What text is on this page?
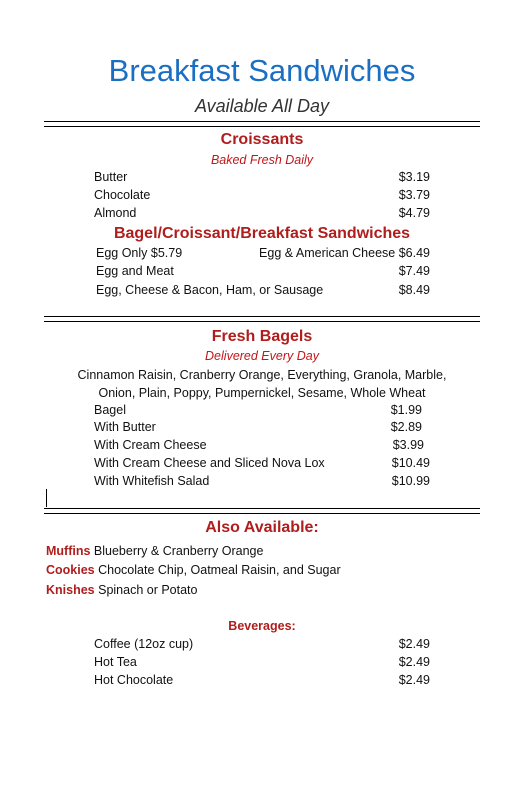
Breakfast Sandwiches
Available All Day
Croissants
Baked Fresh Daily
Butter	$3.19
Chocolate	$3.79
Almond	$4.79
Bagel/Croissant/Breakfast Sandwiches
Egg Only $5.79	Egg & American Cheese $6.49
Egg and Meat	$7.49
Egg, Cheese & Bacon, Ham, or Sausage	$8.49
Fresh Bagels
Delivered Every Day
Cinnamon Raisin, Cranberry Orange, Everything, Granola, Marble,
Onion, Plain, Poppy, Pumpernickel, Sesame, Whole Wheat
Bagel	$1.99
With Butter	$2.89
With Cream Cheese	$3.99
With Cream Cheese and Sliced Nova Lox	$10.49
With Whitefish Salad	$10.99
Also Available:
Muffins Blueberry & Cranberry Orange
Cookies Chocolate Chip, Oatmeal Raisin, and Sugar
Knishes Spinach or Potato
Beverages:
Coffee (12oz cup)	$2.49
Hot Tea	$2.49
Hot Chocolate	$2.49
